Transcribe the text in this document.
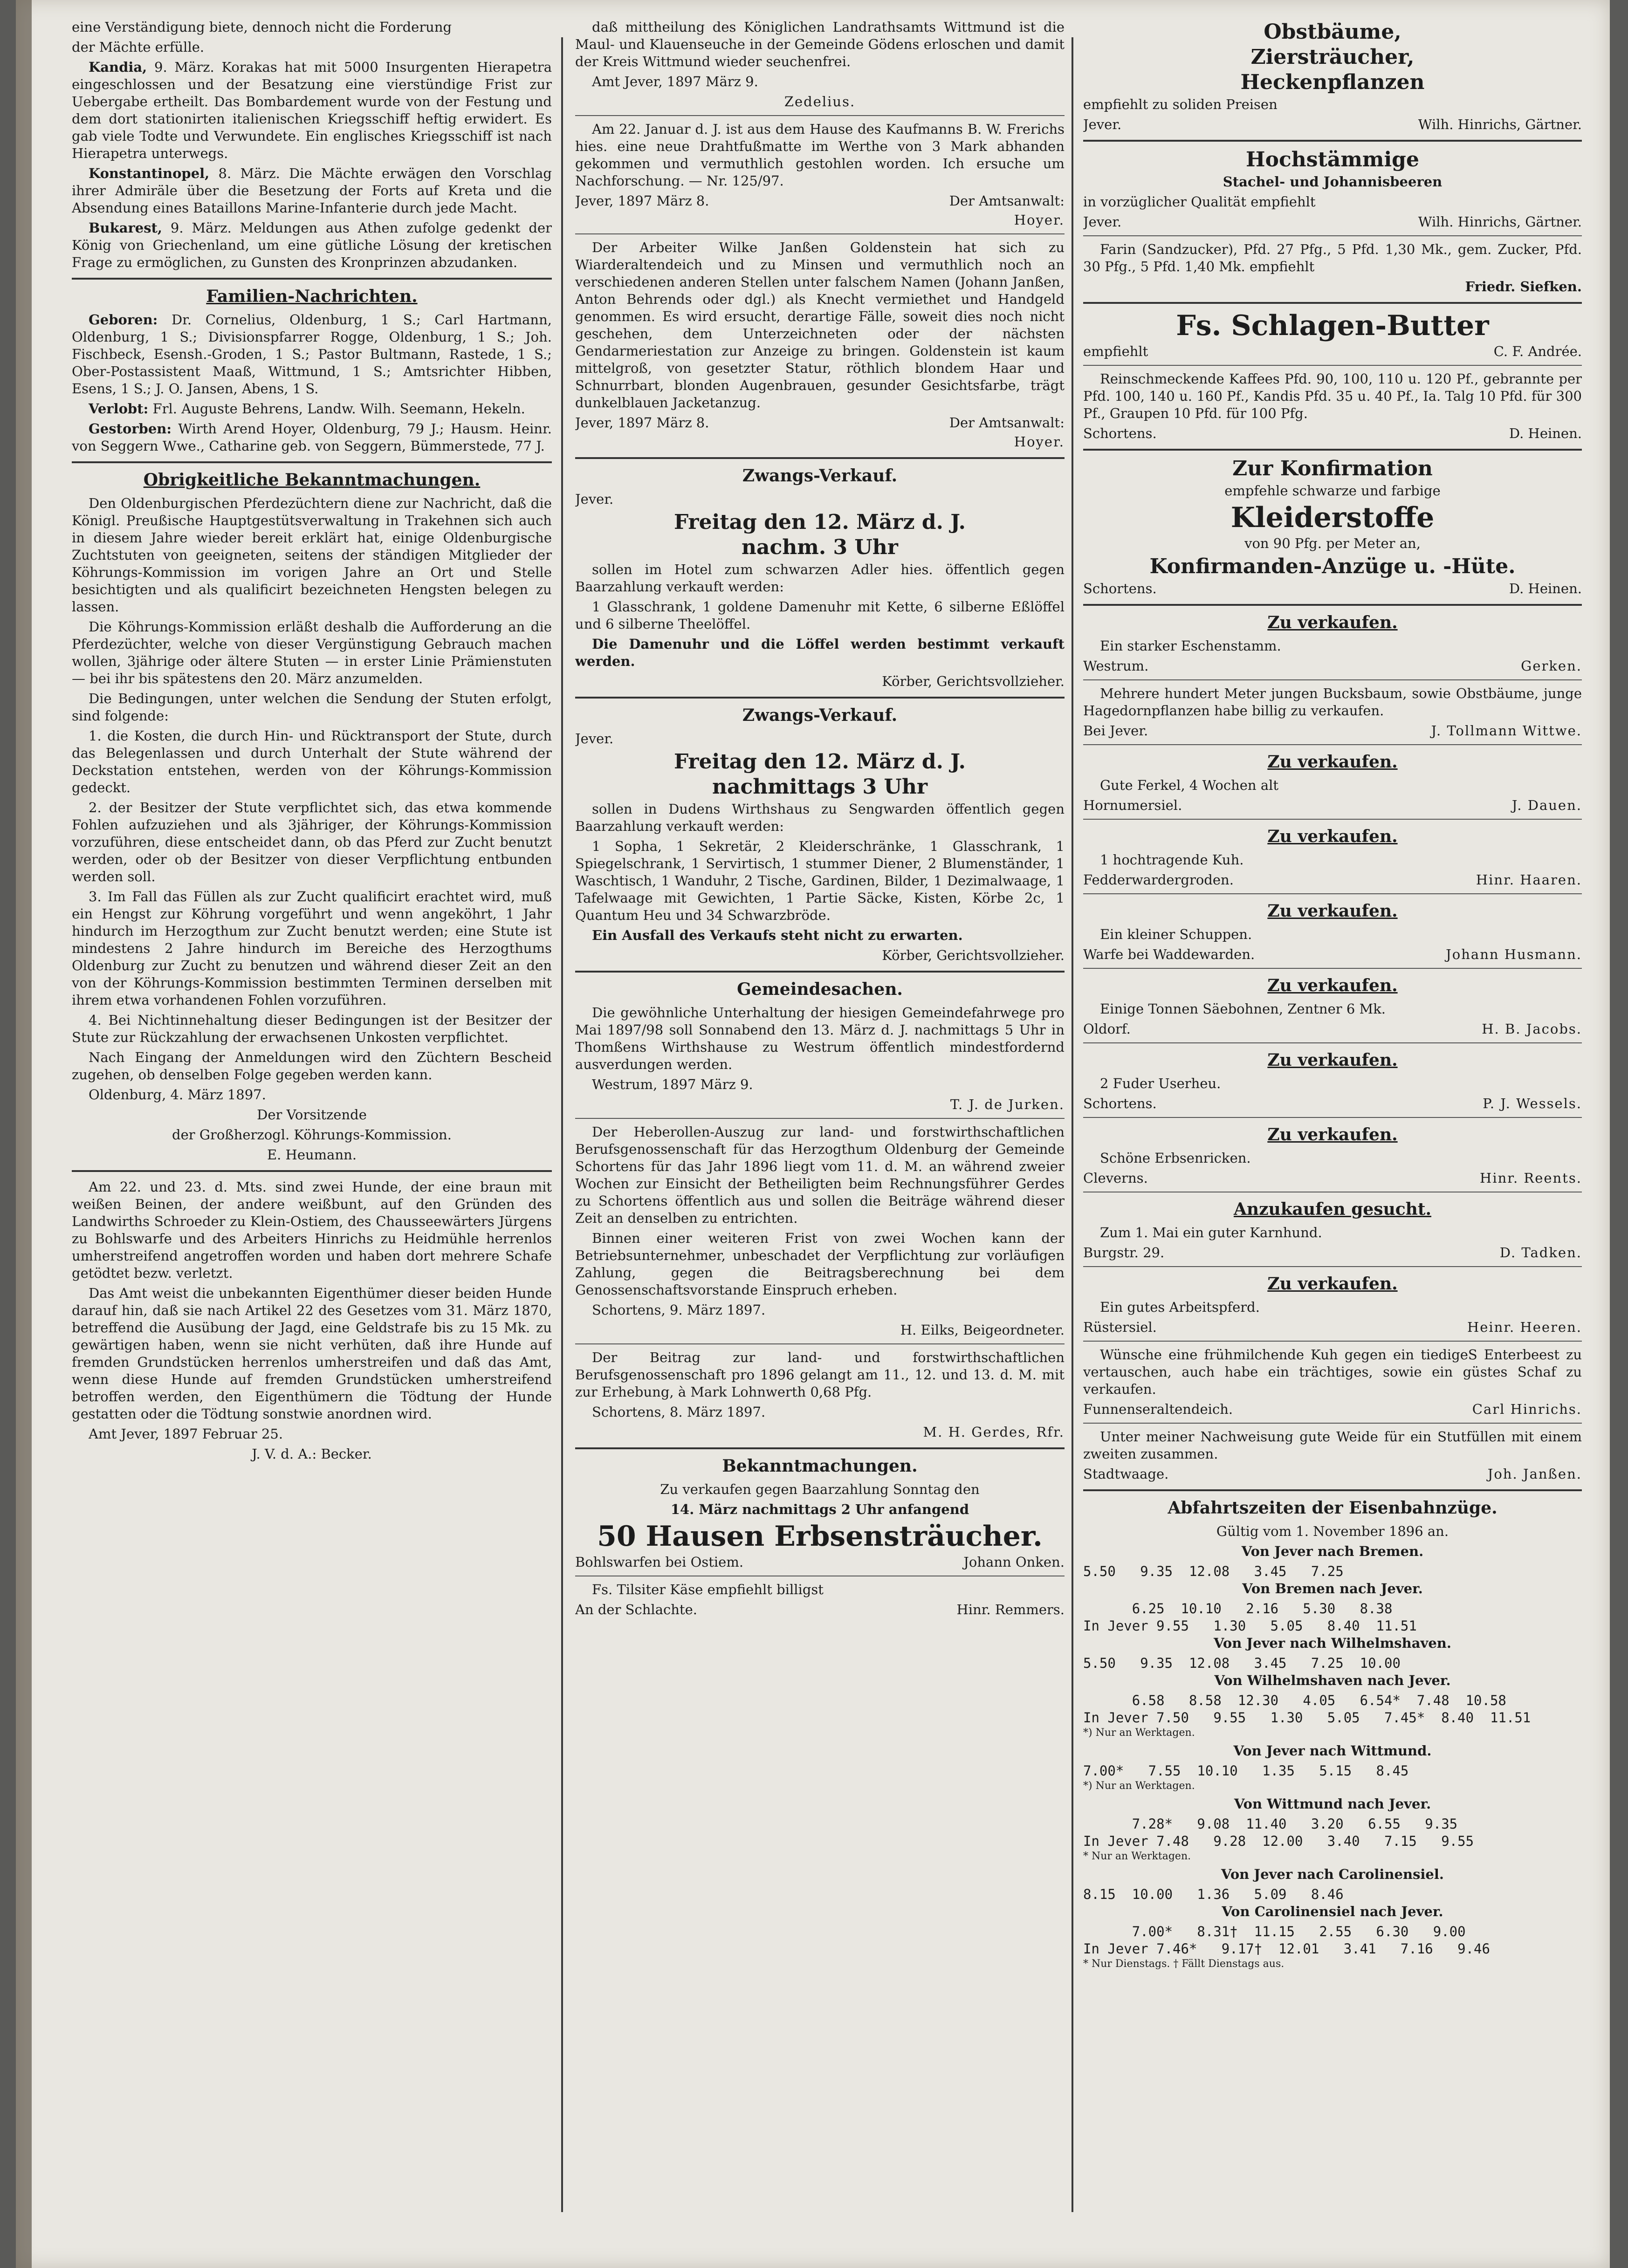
eine Verständigung biete, dennoch nicht die Forderung

der Mächte erfülle.

Kandia, 9. März. Korakas hat mit 5000 Insurgenten Hierapetra eingeschlossen und der Besatzung eine vierstündige Frist zur Uebergabe ertheilt. Das Bombardement wurde von der Festung und dem dort stationirten italienischen Kriegsschiff heftig erwidert. Es gab viele Todte und Verwundete. Ein englisches Kriegsschiff ist nach Hierapetra unterwegs.

Konstantinopel, 8. März. Die Mächte erwägen den Vorschlag ihrer Admiräle über die Besetzung der Forts auf Kreta und die Absendung eines Bataillons Marine-Infanterie durch jede Macht.

Bukarest, 9. März. Meldungen aus Athen zufolge gedenkt der König von Griechenland, um eine gütliche Lösung der kretischen Frage zu ermöglichen, zu Gunsten des Kronprinzen abzudanken.

Familien-Nachrichten.

Geboren: Dr. Cornelius, Oldenburg, 1 S.; Carl Hartmann, Oldenburg, 1 S.; Divisionspfarrer Rogge, Oldenburg, 1 S.; Joh. Fischbeck, Esensh.-Groden, 1 S.; Pastor Bultmann, Rastede, 1 S.; Ober-Postassistent Maaß, Wittmund, 1 S.; Amtsrichter Hibben, Esens, 1 S.; J. O. Jansen, Abens, 1 S.

Verlobt: Frl. Auguste Behrens, Landw. Wilh. Seemann, Hekeln.

Gestorben: Wirth Arend Hoyer, Oldenburg, 79 J.; Hausm. Heinr. von Seggern Wwe., Catharine geb. von Seggern, Bümmerstede, 77 J.

Obrigkeitliche Bekanntmachungen.

Den Oldenburgischen Pferdezüchtern diene zur Nachricht, daß die Königl. Preußische Hauptgestütsverwaltung in Trakehnen sich auch in diesem Jahre wieder bereit erklärt hat, einige Oldenburgische Zuchtstuten von geeigneten, seitens der ständigen Mitglieder der Köhrungs-Kommission im vorigen Jahre an Ort und Stelle besichtigten und als qualificirt bezeichneten Hengsten belegen zu lassen.

Die Köhrungs-Kommission erläßt deshalb die Aufforderung an die Pferdezüchter, welche von dieser Vergünstigung Gebrauch machen wollen, 3jährige oder ältere Stuten — in erster Linie Prämienstuten — bei ihr bis spätestens den 20. März anzumelden.

Die Bedingungen, unter welchen die Sendung der Stuten erfolgt, sind folgende:

1. die Kosten, die durch Hin- und Rücktransport der Stute, durch das Belegenlassen und durch Unterhalt der Stute während der Deckstation entstehen, werden von der Köhrungs-Kommission gedeckt.

2. der Besitzer der Stute verpflichtet sich, das etwa kommende Fohlen aufzuziehen und als 3jähriger, der Köhrungs-Kommission vorzuführen, diese entscheidet dann, ob das Pferd zur Zucht benutzt werden, oder ob der Besitzer von dieser Verpflichtung entbunden werden soll.

3. Im Fall das Füllen als zur Zucht qualificirt erachtet wird, muß ein Hengst zur Köhrung vorgeführt und wenn angeköhrt, 1 Jahr hindurch im Herzogthum zur Zucht benutzt werden; eine Stute ist mindestens 2 Jahre hindurch im Bereiche des Herzogthums Oldenburg zur Zucht zu benutzen und während dieser Zeit an den von der Köhrungs-Kommission bestimmten Terminen derselben mit ihrem etwa vorhandenen Fohlen vorzuführen.

4. Bei Nichtinnehaltung dieser Bedingungen ist der Besitzer der Stute zur Rückzahlung der erwachsenen Unkosten verpflichtet.

Nach Eingang der Anmeldungen wird den Züchtern Bescheid zugehen, ob denselben Folge gegeben werden kann.

Oldenburg, 4. März 1897.

Der Vorsitzende

der Großherzogl. Köhrungs-Kommission.

E. Heumann.

Am 22. und 23. d. Mts. sind zwei Hunde, der eine braun mit weißen Beinen, der andere weißbunt, auf den Gründen des Landwirths Schroeder zu Klein-Ostiem, des Chausseewärters Jürgens zu Bohlswarfe und des Arbeiters Hinrichs zu Heidmühle herrenlos umherstreifend angetroffen worden und haben dort mehrere Schafe getödtet bezw. verletzt.

Das Amt weist die unbekannten Eigenthümer dieser beiden Hunde darauf hin, daß sie nach Artikel 22 des Gesetzes vom 31. März 1870, betreffend die Ausübung der Jagd, eine Geldstrafe bis zu 15 Mk. zu gewärtigen haben, wenn sie nicht verhüten, daß ihre Hunde auf fremden Grundstücken herrenlos umherstreifen und daß das Amt, wenn diese Hunde auf fremden Grundstücken umherstreifend betroffen werden, den Eigenthümern die Tödtung der Hunde gestatten oder die Tödtung sonstwie anordnen wird.

Amt Jever, 1897 Februar 25.

J. V. d. A.: Becker.

daß mittheilung des Königlichen Landrathsamts Wittmund ist die Maul- und Klauenseuche in der Gemeinde Gödens erloschen und damit der Kreis Wittmund wieder seuchenfrei.

Amt Jever, 1897 März 9.

Zedelius.

Am 22. Januar d. J. ist aus dem Hause des Kaufmanns B. W. Frerichs hies. eine neue Drahtfußmatte im Werthe von 3 Mark abhanden gekommen und vermuthlich gestohlen worden. Ich ersuche um Nachforschung. — Nr. 125/97.

Jever, 1897 März 8.	Der Amtsanwalt:

Hoyer.

Der Arbeiter Wilke Janßen Goldenstein hat sich zu Wiarderaltendeich und zu Minsen und vermuthlich noch an verschiedenen anderen Stellen unter falschem Namen (Johann Janßen, Anton Behrends oder dgl.) als Knecht vermiethet und Handgeld genommen. Es wird ersucht, derartige Fälle, soweit dies noch nicht geschehen, dem Unterzeichneten oder der nächsten Gendarmeriestation zur Anzeige zu bringen. Goldenstein ist kaum mittelgroß, von gesetzter Statur, röthlich blondem Haar und Schnurrbart, blonden Augenbrauen, gesunder Gesichtsfarbe, trägt dunkelblauen Jacketanzug.

Jever, 1897 März 8.	Der Amtsanwalt:

Hoyer.

Zwangs-Verkauf.

Jever.

Freitag den 12. März d. J.
nachm. 3 Uhr

sollen im Hotel zum schwarzen Adler hies. öffentlich gegen Baarzahlung verkauft werden:

1 Glasschrank, 1 goldene Damenuhr mit Kette, 6 silberne Eßlöffel und 6 silberne Theelöffel.

Die Damenuhr und die Löffel werden bestimmt verkauft werden.

Körber, Gerichtsvollzieher.

Zwangs-Verkauf.

Jever.

Freitag den 12. März d. J.
nachmittags 3 Uhr

sollen in Dudens Wirthshaus zu Sengwarden öffentlich gegen Baarzahlung verkauft werden:

1 Sopha, 1 Sekretär, 2 Kleiderschränke, 1 Glasschrank, 1 Spiegelschrank, 1 Servirtisch, 1 stummer Diener, 2 Blumenständer, 1 Waschtisch, 1 Wanduhr, 2 Tische, Gardinen, Bilder, 1 Dezimalwaage, 1 Tafelwaage mit Gewichten, 1 Partie Säcke, Kisten, Körbe 2c, 1 Quantum Heu und 34 Schwarzbröde.

Ein Ausfall des Verkaufs steht nicht zu erwarten.

Körber, Gerichtsvollzieher.

Gemeindesachen.

Die gewöhnliche Unterhaltung der hiesigen Gemeindefahrwege pro Mai 1897/98 soll Sonnabend den 13. März d. J. nachmittags 5 Uhr in Thomßens Wirthshause zu Westrum öffentlich mindestfordernd ausverdungen werden.

Westrum, 1897 März 9.

T. J. de Jurken.

Der Heberollen-Auszug zur land- und forstwirthschaftlichen Berufsgenossenschaft für das Herzogthum Oldenburg der Gemeinde Schortens für das Jahr 1896 liegt vom 11. d. M. an während zweier Wochen zur Einsicht der Betheiligten beim Rechnungsführer Gerdes zu Schortens öffentlich aus und sollen die Beiträge während dieser Zeit an denselben zu entrichten.

Binnen einer weiteren Frist von zwei Wochen kann der Betriebsunternehmer, unbeschadet der Verpflichtung zur vorläufigen Zahlung, gegen die Beitragsberechnung bei dem Genossenschaftsvorstande Einspruch erheben.

Schortens, 9. März 1897.

H. Eilks, Beigeordneter.

Der Beitrag zur land- und forstwirthschaftlichen Berufsgenossenschaft pro 1896 gelangt am 11., 12. und 13. d. M. mit zur Erhebung, à Mark Lohnwerth 0,68 Pfg.

Schortens, 8. März 1897.

M. H. Gerdes, Rfr.

Bekanntmachungen.

Zu verkaufen gegen Baarzahlung Sonntag den

14. März nachmittags 2 Uhr anfangend

50 Hausen Erbsensträucher.
Bohlswarfen bei Ostiem.	Johann Onken.

Fs. Tilsiter Käse empfiehlt billigst

An der Schlachte.	Hinr. Remmers.
Obstbäume,
Ziersträucher,
Heckenpflanzen

empfiehlt zu soliden Preisen

Jever.	Wilh. Hinrichs, Gärtner.
Hochstämmige

Stachel- und Johannisbeeren

in vorzüglicher Qualität empfiehlt

Jever.	Wilh. Hinrichs, Gärtner.

Farin (Sandzucker), Pfd. 27 Pfg., 5 Pfd. 1,30 Mk., gem. Zucker, Pfd. 30 Pfg., 5 Pfd. 1,40 Mk. empfiehlt

Friedr. Siefken.

Fs. Schlagen-Butter
empfiehlt	C. F. Andrée.

Reinschmeckende Kaffees Pfd. 90, 100, 110 u. 120 Pf., gebrannte per Pfd. 100, 140 u. 160 Pf., Kandis Pfd. 35 u. 40 Pf., Ia. Talg 10 Pfd. für 300 Pf., Graupen 10 Pfd. für 100 Pfg.

Schortens.	D. Heinen.
Zur Konfirmation

empfehle schwarze und farbige

Kleiderstoffe

von 90 Pfg. per Meter an,

Konfirmanden-Anzüge u. -Hüte.
Schortens.	D. Heinen.
Zu verkaufen.

Ein starker Eschenstamm.

Westrum.	Gerken.

Mehrere hundert Meter jungen Bucksbaum, sowie Obstbäume, junge Hagedornpflanzen habe billig zu verkaufen.

Bei Jever.	J. Tollmann Wittwe.
Zu verkaufen.

Gute Ferkel, 4 Wochen alt

Hornumersiel.	J. Dauen.
Zu verkaufen.

1 hochtragende Kuh.

Fedderwardergroden.	Hinr. Haaren.
Zu verkaufen.

Ein kleiner Schuppen.

Warfe bei Waddewarden.	Johann Husmann.
Zu verkaufen.

Einige Tonnen Säebohnen, Zentner 6 Mk.

Oldorf.	H. B. Jacobs.
Zu verkaufen.

2 Fuder Userheu.

Schortens.	P. J. Wessels.
Zu verkaufen.

Schöne Erbsenricken.

Cleverns.	Hinr. Reents.
Anzukaufen gesucht.

Zum 1. Mai ein guter Karnhund.

Burgstr. 29.	D. Tadken.
Zu verkaufen.

Ein gutes Arbeitspferd.

Rüstersiel.	Heinr. Heeren.

Wünsche eine frühmilchende Kuh gegen ein tiedigeS Enterbeest zu vertauschen, auch habe ein trächtiges, sowie ein güstes Schaf zu verkaufen.

Funnenseraltendeich.	Carl Hinrichs.

Unter meiner Nachweisung gute Weide für ein Stutfüllen mit einem zweiten zusammen.

Stadtwaage.	Joh. Janßen.
Abfahrtszeiten der Eisenbahnzüge.

Gültig vom 1. November 1896 an.

Von Jever nach Bremen.

5.50   9.35  12.08   3.45   7.25

Von Bremen nach Jever.

6.25  10.10   2.16   5.30   8.38
In Jever 9.55   1.30   5.05   8.40  11.51

Von Jever nach Wilhelmshaven.

5.50   9.35  12.08   3.45   7.25  10.00

Von Wilhelmshaven nach Jever.

6.58   8.58  12.30   4.05   6.54*  7.48  10.58
In Jever 7.50   9.55   1.30   5.05   7.45*  8.40  11.51

*) Nur an Werktagen.

Von Jever nach Wittmund.

7.00*   7.55  10.10   1.35   5.15   8.45

*) Nur an Werktagen.

Von Wittmund nach Jever.

7.28*   9.08  11.40   3.20   6.55   9.35
In Jever 7.48   9.28  12.00   3.40   7.15   9.55

* Nur an Werktagen.

Von Jever nach Carolinensiel.

8.15  10.00   1.36   5.09   8.46

Von Carolinensiel nach Jever.

7.00*   8.31†  11.15   2.55   6.30   9.00
In Jever 7.46*   9.17†  12.01   3.41   7.16   9.46

* Nur Dienstags. † Fällt Dienstags aus.
